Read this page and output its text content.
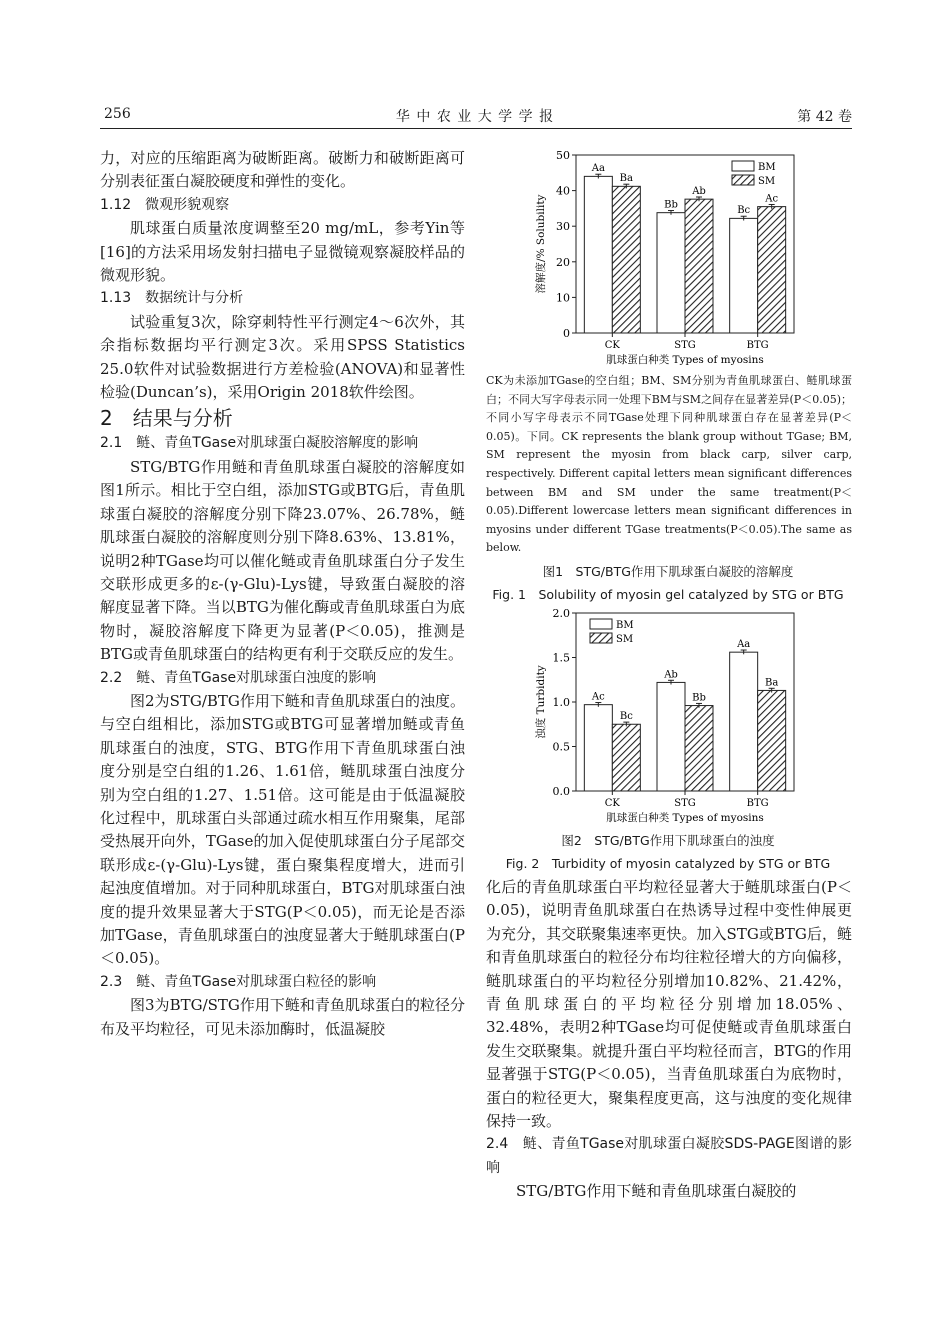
256	华 中 农 业 大 学 学 报	第 42 卷

力，对应的压缩距离为破断距离。破断力和破断距离可分别表征蛋白凝胶硬度和弹性的变化。

1.12　微观形貌观察

肌球蛋白质量浓度调整至20 mg/mL，参考Yin等[16]的方法采用场发射扫描电子显微镜观察凝胶样品的微观形貌。

1.13　数据统计与分析

试验重复3次，除穿刺特性平行测定4～6次外，其余指标数据均平行测定3次。采用SPSS Statistics 25.0软件对试验数据进行方差检验(ANOVA)和显著性检验(Duncan’s)，采用Origin 2018软件绘图。

2　结果与分析

2.1　鲢、青鱼TGase对肌球蛋白凝胶溶解度的影响

STG/BTG作用鲢和青鱼肌球蛋白凝胶的溶解度如图1所示。相比于空白组，添加STG或BTG后，青鱼肌球蛋白凝胶的溶解度分别下降23.07%、26.78%，鲢肌球蛋白凝胶的溶解度则分别下降8.63%、13.81%，说明2种TGase均可以催化鲢或青鱼肌球蛋白分子发生交联形成更多的ε-(γ-Glu)-Lys键，导致蛋白凝胶的溶解度显著下降。当以BTG为催化酶或青鱼肌球蛋白为底物时，凝胶溶解度下降更为显著(P＜0.05)，推测是BTG或青鱼肌球蛋白的结构更有利于交联反应的发生。

2.2　鲢、青鱼TGase对肌球蛋白浊度的影响

图2为STG/BTG作用下鲢和青鱼肌球蛋白的浊度。与空白组相比，添加STG或BTG可显著增加鲢或青鱼肌球蛋白的浊度，STG、BTG作用下青鱼肌球蛋白浊度分别是空白组的1.26、1.61倍，鲢肌球蛋白浊度分别为空白组的1.27、1.51倍。这可能是由于低温凝胶化过程中，肌球蛋白头部通过疏水相互作用聚集，尾部受热展开向外，TGase的加入促使肌球蛋白分子尾部交联形成ε-(γ-Glu)-Lys键，蛋白聚集程度增大，进而引起浊度值增加。对于同种肌球蛋白，BTG对肌球蛋白浊度的提升效果显著大于STG(P＜0.05)，而无论是否添加TGase，青鱼肌球蛋白的浊度显著大于鲢肌球蛋白(P＜0.05)。

2.3　鲢、青鱼TGase对肌球蛋白粒径的影响

图3为BTG/STG作用下鲢和青鱼肌球蛋白的粒径分布及平均粒径，可见未添加酶时，低温凝胶

0
10
20
30
40
50
溶解度/% Solubility
肌球蛋白种类 Types of myosins
CK
Aa
Ba
STG
Bb
Ab
BTG
Bc
Ac
BM
SM
CK为未添加TGase的空白组；BM、SM分别为青鱼肌球蛋白、鲢肌球蛋白；不同大写字母表示同一处理下BM与SM之间存在显著差异(P＜0.05)；不同小写字母表示不同TGase处理下同种肌球蛋白存在显著差异(P＜0.05)。下同。CK represents the blank group without TGase; BM, SM represent the myosin from black carp, silver carp, respectively. Different capital letters mean significant differences between BM and SM under the same treatment(P＜0.05).Different lowercase letters mean significant differences in myosins under different TGase treatments(P＜0.05).The same as below.
图1　STG/BTG作用下肌球蛋白凝胶的溶解度
Fig. 1　Solubility of myosin gel catalyzed by STG or BTG
0.0
0.5
1.0
1.5
2.0
浊度 Turbidity
肌球蛋白种类 Types of myosins
CK
Ac
Bc
STG
Ab
Bb
BTG
Aa
Ba
BM
SM
图2　STG/BTG作用下肌球蛋白的浊度
Fig. 2　Turbidity of myosin catalyzed by STG or BTG

化后的青鱼肌球蛋白平均粒径显著大于鲢肌球蛋白(P＜0.05)，说明青鱼肌球蛋白在热诱导过程中变性伸展更为充分，其交联聚集速率更快。加入STG或BTG后，鲢和青鱼肌球蛋白的粒径分布均往粒径增大的方向偏移，鲢肌球蛋白的平均粒径分别增加10.82%、21.42%，青鱼肌球蛋白的平均粒径分别增加18.05%、32.48%，表明2种TGase均可促使鲢或青鱼肌球蛋白发生交联聚集。就提升蛋白平均粒径而言，BTG的作用显著强于STG(P＜0.05)，当青鱼肌球蛋白为底物时，蛋白的粒径更大，聚集程度更高，这与浊度的变化规律保持一致。

2.4　鲢、青鱼TGase对肌球蛋白凝胶SDS-PAGE图谱的影响

STG/BTG作用下鲢和青鱼肌球蛋白凝胶的
